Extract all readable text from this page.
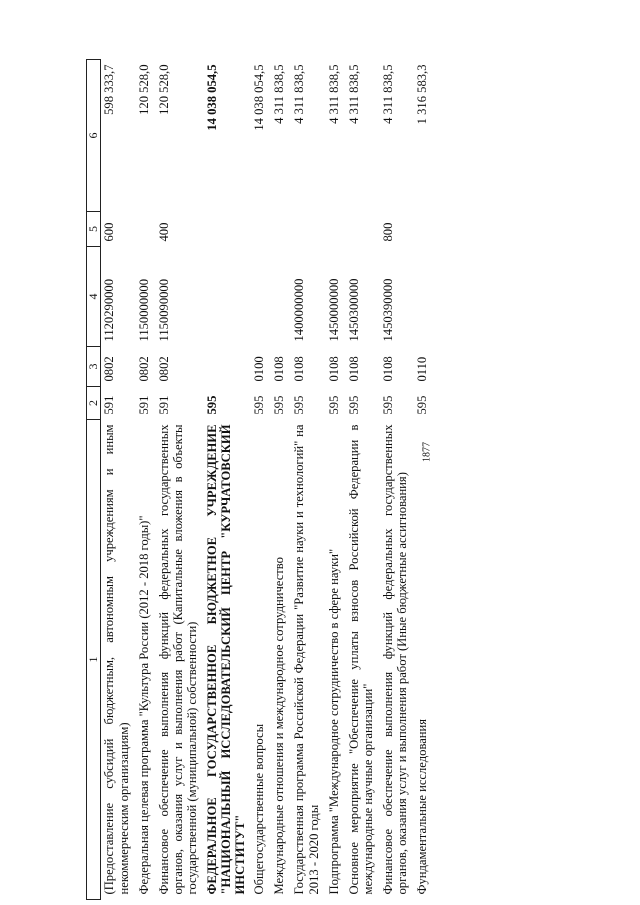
1877
1	2	3	4	5	6
(Предоставление субсидий бюджетным, автономным учреждениям и иным некоммерческим организациям)	591	0802	1120290000	600	598 333,7
Федеральная целевая программа "Культура России (2012 - 2018 годы)"	591	0802	1150000000		120 528,0
Финансовое обеспечение выполнения функций федеральных государственных органов, оказания услуг и выполнения работ (Капитальные вложения в объекты государственной (муниципальной) собственности)	591	0802	1150090000	400	120 528,0
ФЕДЕРАЛЬНОЕ ГОСУДАРСТВЕННОЕ БЮДЖЕТНОЕ УЧРЕЖДЕНИЕ "НАЦИОНАЛЬНЫЙ ИССЛЕДОВАТЕЛЬСКИЙ ЦЕНТР "КУРЧАТОВСКИЙ ИНСТИТУТ"	595				14 038 054,5
Общегосударственные вопросы	595	0100			14 038 054,5
Международные отношения и международное сотрудничество	595	0108			4 311 838,5
Государственная программа Российской Федерации "Развитие науки и технологий" на 2013 - 2020 годы	595	0108	1400000000		4 311 838,5
Подпрограмма "Международное сотрудничество в сфере науки"	595	0108	1450000000		4 311 838,5
Основное мероприятие "Обеспечение уплаты взносов Российской Федерации в международные научные организации"	595	0108	1450300000		4 311 838,5
Финансовое обеспечение выполнения функций федеральных государственных органов, оказания услуг и выполнения работ (Иные бюджетные ассигнования)	595	0108	1450390000	800	4 311 838,5
Фундаментальные исследования	595	0110			1 316 583,3
